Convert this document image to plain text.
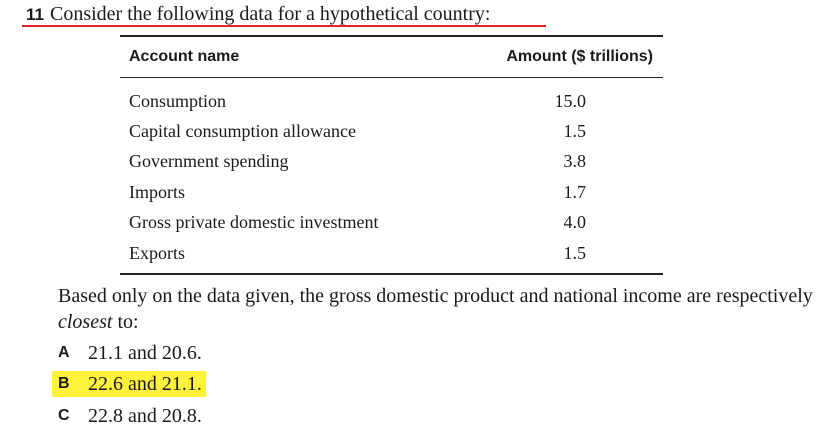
11 Consider the following data for a hypothetical country:
Account name	Amount ($ trillions)
Consumption	15.0
Capital consumption allowance	1.5
Government spending	3.8
Imports	1.7
Gross private domestic investment	4.0
Exports	1.5
Based only on the data given, the gross domestic product and national income are respectively closest to:
A 21.1 and 20.6.
B 22.6 and 21.1.
C 22.8 and 20.8.
